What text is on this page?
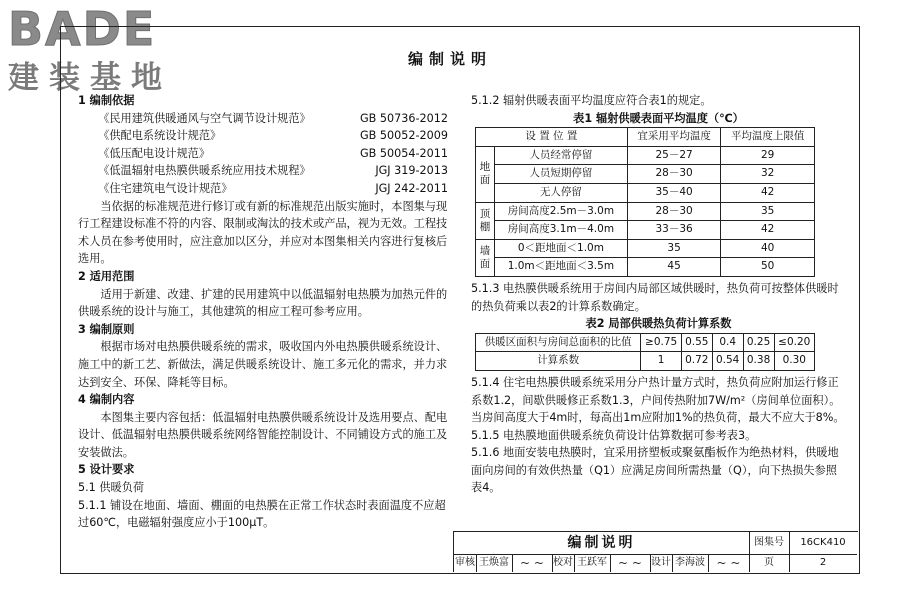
BADE
建装基地
编制说明

1 编制依据

《民用建筑供暖通风与空气调节设计规范》	GB 50736-2012

《供配电系统设计规范》	GB 50052-2009

《低压配电设计规范》	GB 50054-2011

《低温辐射电热膜供暖系统应用技术规程》	JGJ 319-2013

《住宅建筑电气设计规范》	JGJ 242-2011

当依据的标准规范进行修订或有新的标准规范出版实施时，本图集与现行工程建设标准不符的内容、限制或淘汰的技术或产品，视为无效。工程技术人员在参考使用时，应注意加以区分，并应对本图集相关内容进行复核后选用。

2 适用范围

适用于新建、改建、扩建的民用建筑中以低温辐射电热膜为加热元件的供暖系统的设计与施工，其他建筑的相应工程可参考应用。

3 编制原则

根据市场对电热膜供暖系统的需求，吸收国内外电热膜供暖系统设计、施工中的新工艺、新做法，满足供暖系统设计、施工多元化的需求，并力求达到安全、环保、降耗等目标。

4 编制内容

本图集主要内容包括：低温辐射电热膜供暖系统设计及选用要点、配电设计、低温辐射电热膜供暖系统网络智能控制设计、不同铺设方式的施工及安装做法。

5 设计要求

5.1 供暖负荷

5.1.1 铺设在地面、墙面、棚面的电热膜在正常工作状态时表面温度不应超过60℃，电磁辐射强度应小于100μT。

5.1.2 辐射供暖表面平均温度应符合表1的规定。

表1 辐射供暖表面平均温度（℃）

设 置 位 置		宜采用平均温度	平均温度上限值
地面	人员经常停留	25－27	29
	人员短期停留	28－30	32
	无人停留	35－40	42
顶棚	房间高度2.5m－3.0m	28－30	35
	房间高度3.1m－4.0m	33－36	42
墙面	0＜距地面＜1.0m	35	40
	1.0m＜距地面＜3.5m	45	50

5.1.3 电热膜供暖系统用于房间内局部区域供暖时，热负荷可按整体供暖时的热负荷乘以表2的计算系数确定。

表2 局部供暖热负荷计算系数

供暖区面积与房间总面积的比值	≥0.75	0.55	0.4	0.25	≤0.20
计算系数	1	0.72	0.54	0.38	0.30

5.1.4 住宅电热膜供暖系统采用分户热计量方式时，热负荷应附加运行修正系数1.2，间歇供暖修正系数1.3，户间传热附加7W/m²（房间单位面积）。当房间高度大于4m时，每高出1m应附加1%的热负荷，最大不应大于8%。

5.1.5 电热膜地面供暖系统负荷设计估算数据可参考表3。

5.1.6 地面安装电热膜时，宜采用挤塑板或聚氨酯板作为绝热材料，供暖地面向房间的有效供热量（Q1）应满足房间所需热量（Q），向下热损失参照表4。

编制说明	图集号	16CK410
审核 王焕富 ~ ~ 校对 王跃军 ~ ~ 设计 李海波 ~ ~	页	2
